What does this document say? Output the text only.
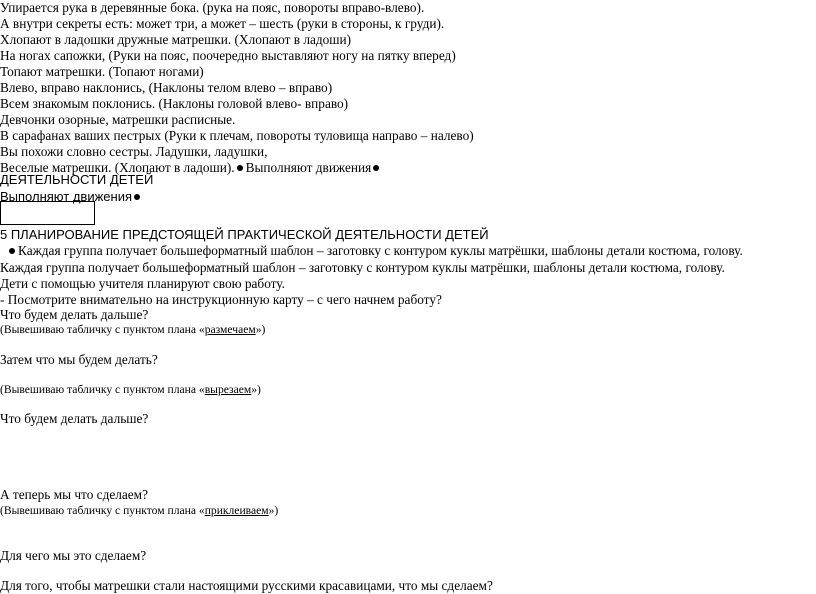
Упирается рука в деревянные бока. (рука на пояс, повороты вправо-влево).
А внутри секреты есть: может три, а может – шесть (руки в стороны, к груди).
Хлопают в ладошки дружные матрешки. (Хлопают в ладоши)
На ногах сапожки, (Руки на пояс, поочередно выставляют ногу на пятку вперед)
Топают матрешки. (Топают ногами)
Влево, вправо наклонись, (Наклоны телом влево – вправо)
Всем знакомым поклонись. (Наклоны головой влево- вправо)
Девчонки озорные, матрешки расписные.
В сарафанах ваших пестрых (Руки к плечам, повороты туловища направо – налево)
Вы похожи словно сестры. Ладушки, ладушки,
Веселые матрешки. (Хлопают в ладоши). Выполняют движения
ДЕЯТЕЛЬНОСТИ ДЕТЕЙ
Выполняют движения
5 ПЛАНИРОВАНИЕ ПРЕДСТОЯЩЕЙ ПРАКТИЧЕСКОЙ ДЕЯТЕЛЬНОСТИ ДЕТЕЙ
Каждая группа получает большеформатный шаблон – заготовку с контуром куклы матрёшки, шаблоны детали костюма, голову.
Каждая группа получает большеформатный шаблон – заготовку с контуром куклы матрёшки, шаблоны детали костюма, голову.
Дети с помощью учителя планируют свою работу.
- Посмотрите внимательно на инструкционную карту – с чего начнем работу?
Что будем делать дальше?
(Вывешиваю табличку с пунктом плана «размечаем»)
Затем что мы будем делать?
(Вывешиваю табличку с пунктом плана «вырезаем»)
Что будем делать дальше?
А теперь мы что сделаем?
(Вывешиваю табличку с пунктом плана «приклеиваем»)
Для чего мы это сделаем?
Для того, чтобы матрешки стали настоящими русскими красавицами, что мы сделаем?
